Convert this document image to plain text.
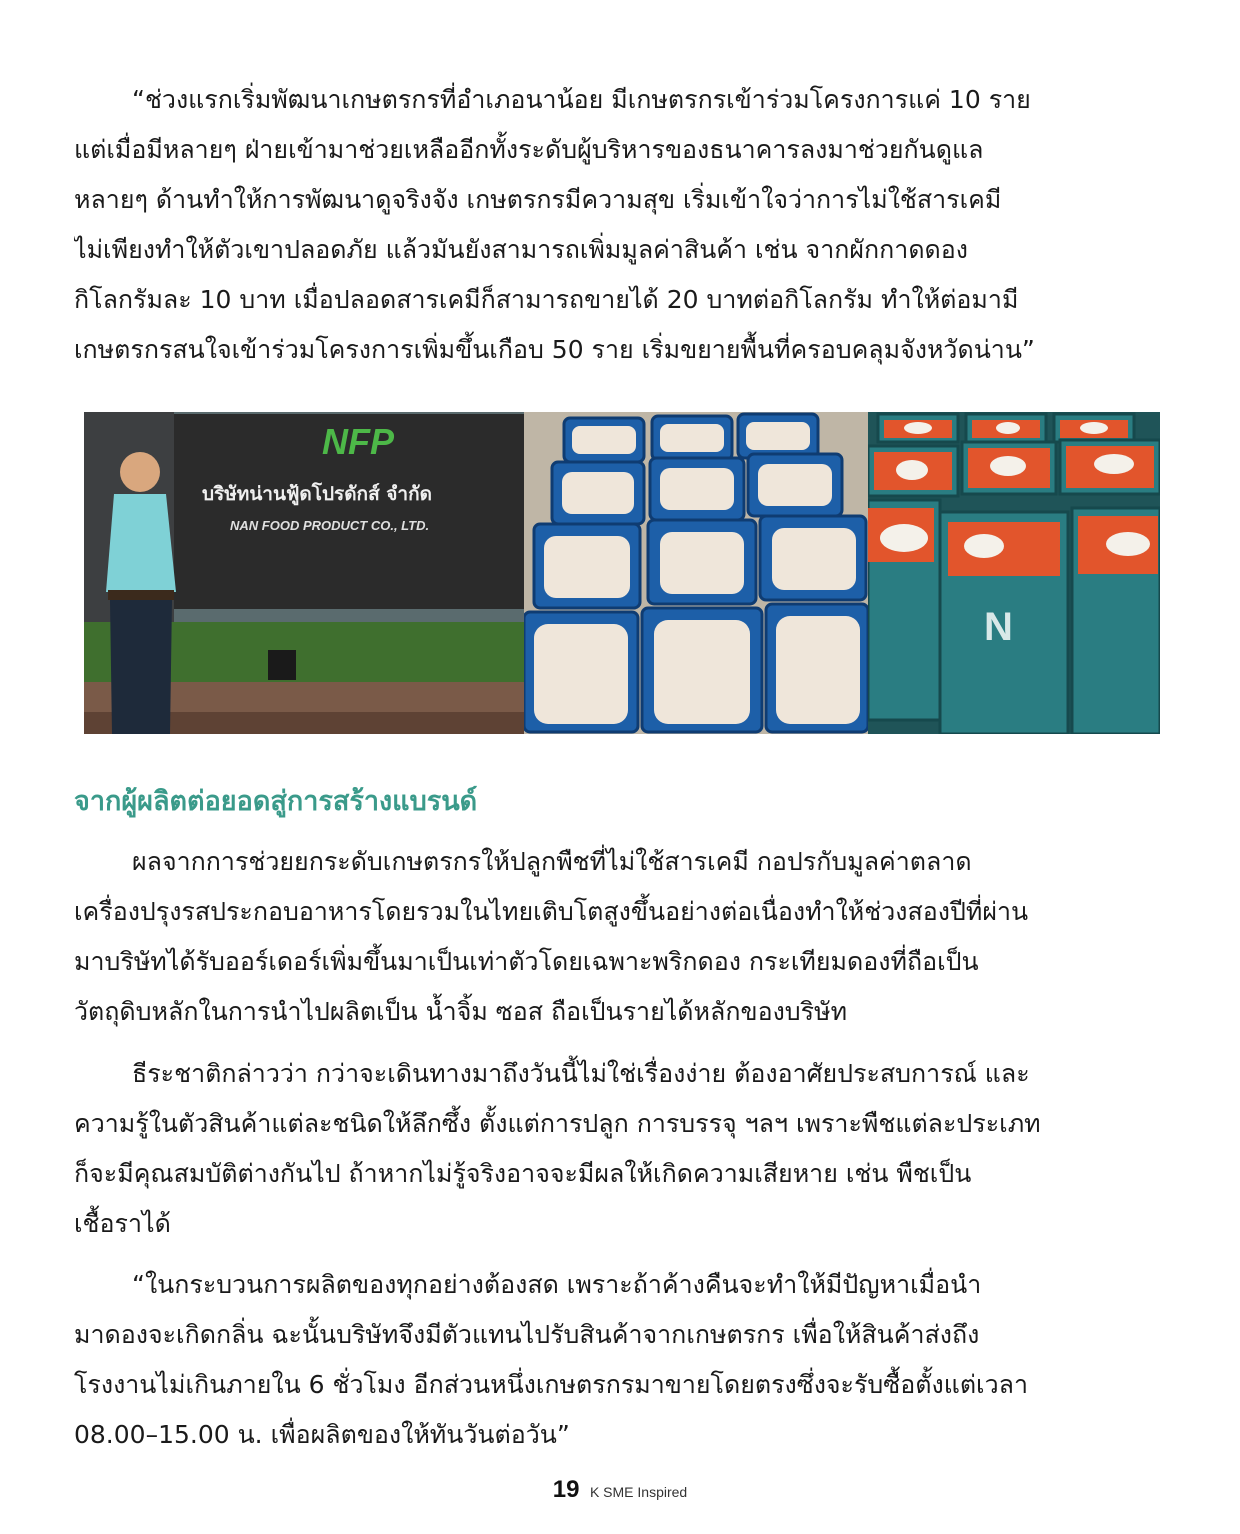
“ช่วงแรกเริ่มพัฒนาเกษตรกรที่อำเภอนาน้อย มีเกษตรกรเข้าร่วมโครงการแค่ 10 ราย
แต่เมื่อมีหลายๆ ฝ่ายเข้ามาช่วยเหลืออีกทั้งระดับผู้บริหารของธนาคารลงมาช่วยกันดูแล
หลายๆ ด้านทำให้การพัฒนาดูจริงจัง เกษตรกรมีความสุข เริ่มเข้าใจว่าการไม่ใช้สารเคมี
ไม่เพียงทำให้ตัวเขาปลอดภัย แล้วมันยังสามารถเพิ่มมูลค่าสินค้า เช่น จากผักกาดดอง
กิโลกรัมละ 10 บาท เมื่อปลอดสารเคมีก็สามารถขายได้ 20 บาทต่อกิโลกรัม ทำให้ต่อมามี
เกษตรกรสนใจเข้าร่วมโครงการเพิ่มขึ้นเกือบ 50 ราย เริ่มขยายพื้นที่ครอบคลุมจังหวัดน่าน”
NFP
บริษัทน่านฟู้ดโปรดักส์ จำกัด
NAN FOOD PRODUCT CO., LTD.
N
จากผู้ผลิตต่อยอดสู่การสร้างแบรนด์
ผลจากการช่วยยกระดับเกษตรกรให้ปลูกพืชที่ไม่ใช้สารเคมี กอปรกับมูลค่าตลาด
เครื่องปรุงรสประกอบอาหารโดยรวมในไทยเติบโตสูงขึ้นอย่างต่อเนื่องทำให้ช่วงสองปีที่ผ่าน
มาบริษัทได้รับออร์เดอร์เพิ่มขึ้นมาเป็นเท่าตัวโดยเฉพาะพริกดอง กระเทียมดองที่ถือเป็น
วัตถุดิบหลักในการนำไปผลิตเป็น น้ำจิ้ม ซอส ถือเป็นรายได้หลักของบริษัท
ธีระชาติกล่าวว่า กว่าจะเดินทางมาถึงวันนี้ไม่ใช่เรื่องง่าย ต้องอาศัยประสบการณ์ และ
ความรู้ในตัวสินค้าแต่ละชนิดให้ลึกซึ้ง ตั้งแต่การปลูก การบรรจุ ฯลฯ เพราะพืชแต่ละประเภท
ก็จะมีคุณสมบัติต่างกันไป ถ้าหากไม่รู้จริงอาจจะมีผลให้เกิดความเสียหาย เช่น พืชเป็น
เชื้อราได้
“ในกระบวนการผลิตของทุกอย่างต้องสด เพราะถ้าค้างคืนจะทำให้มีปัญหาเมื่อนำ
มาดองจะเกิดกลิ่น ฉะนั้นบริษัทจึงมีตัวแทนไปรับสินค้าจากเกษตรกร เพื่อให้สินค้าส่งถึง
โรงงานไม่เกินภายใน 6 ชั่วโมง อีกส่วนหนึ่งเกษตรกรมาขายโดยตรงซึ่งจะรับซื้อตั้งแต่เวลา
08.00–15.00 น. เพื่อผลิตของให้ทันวันต่อวัน”
19 K SME Inspired
